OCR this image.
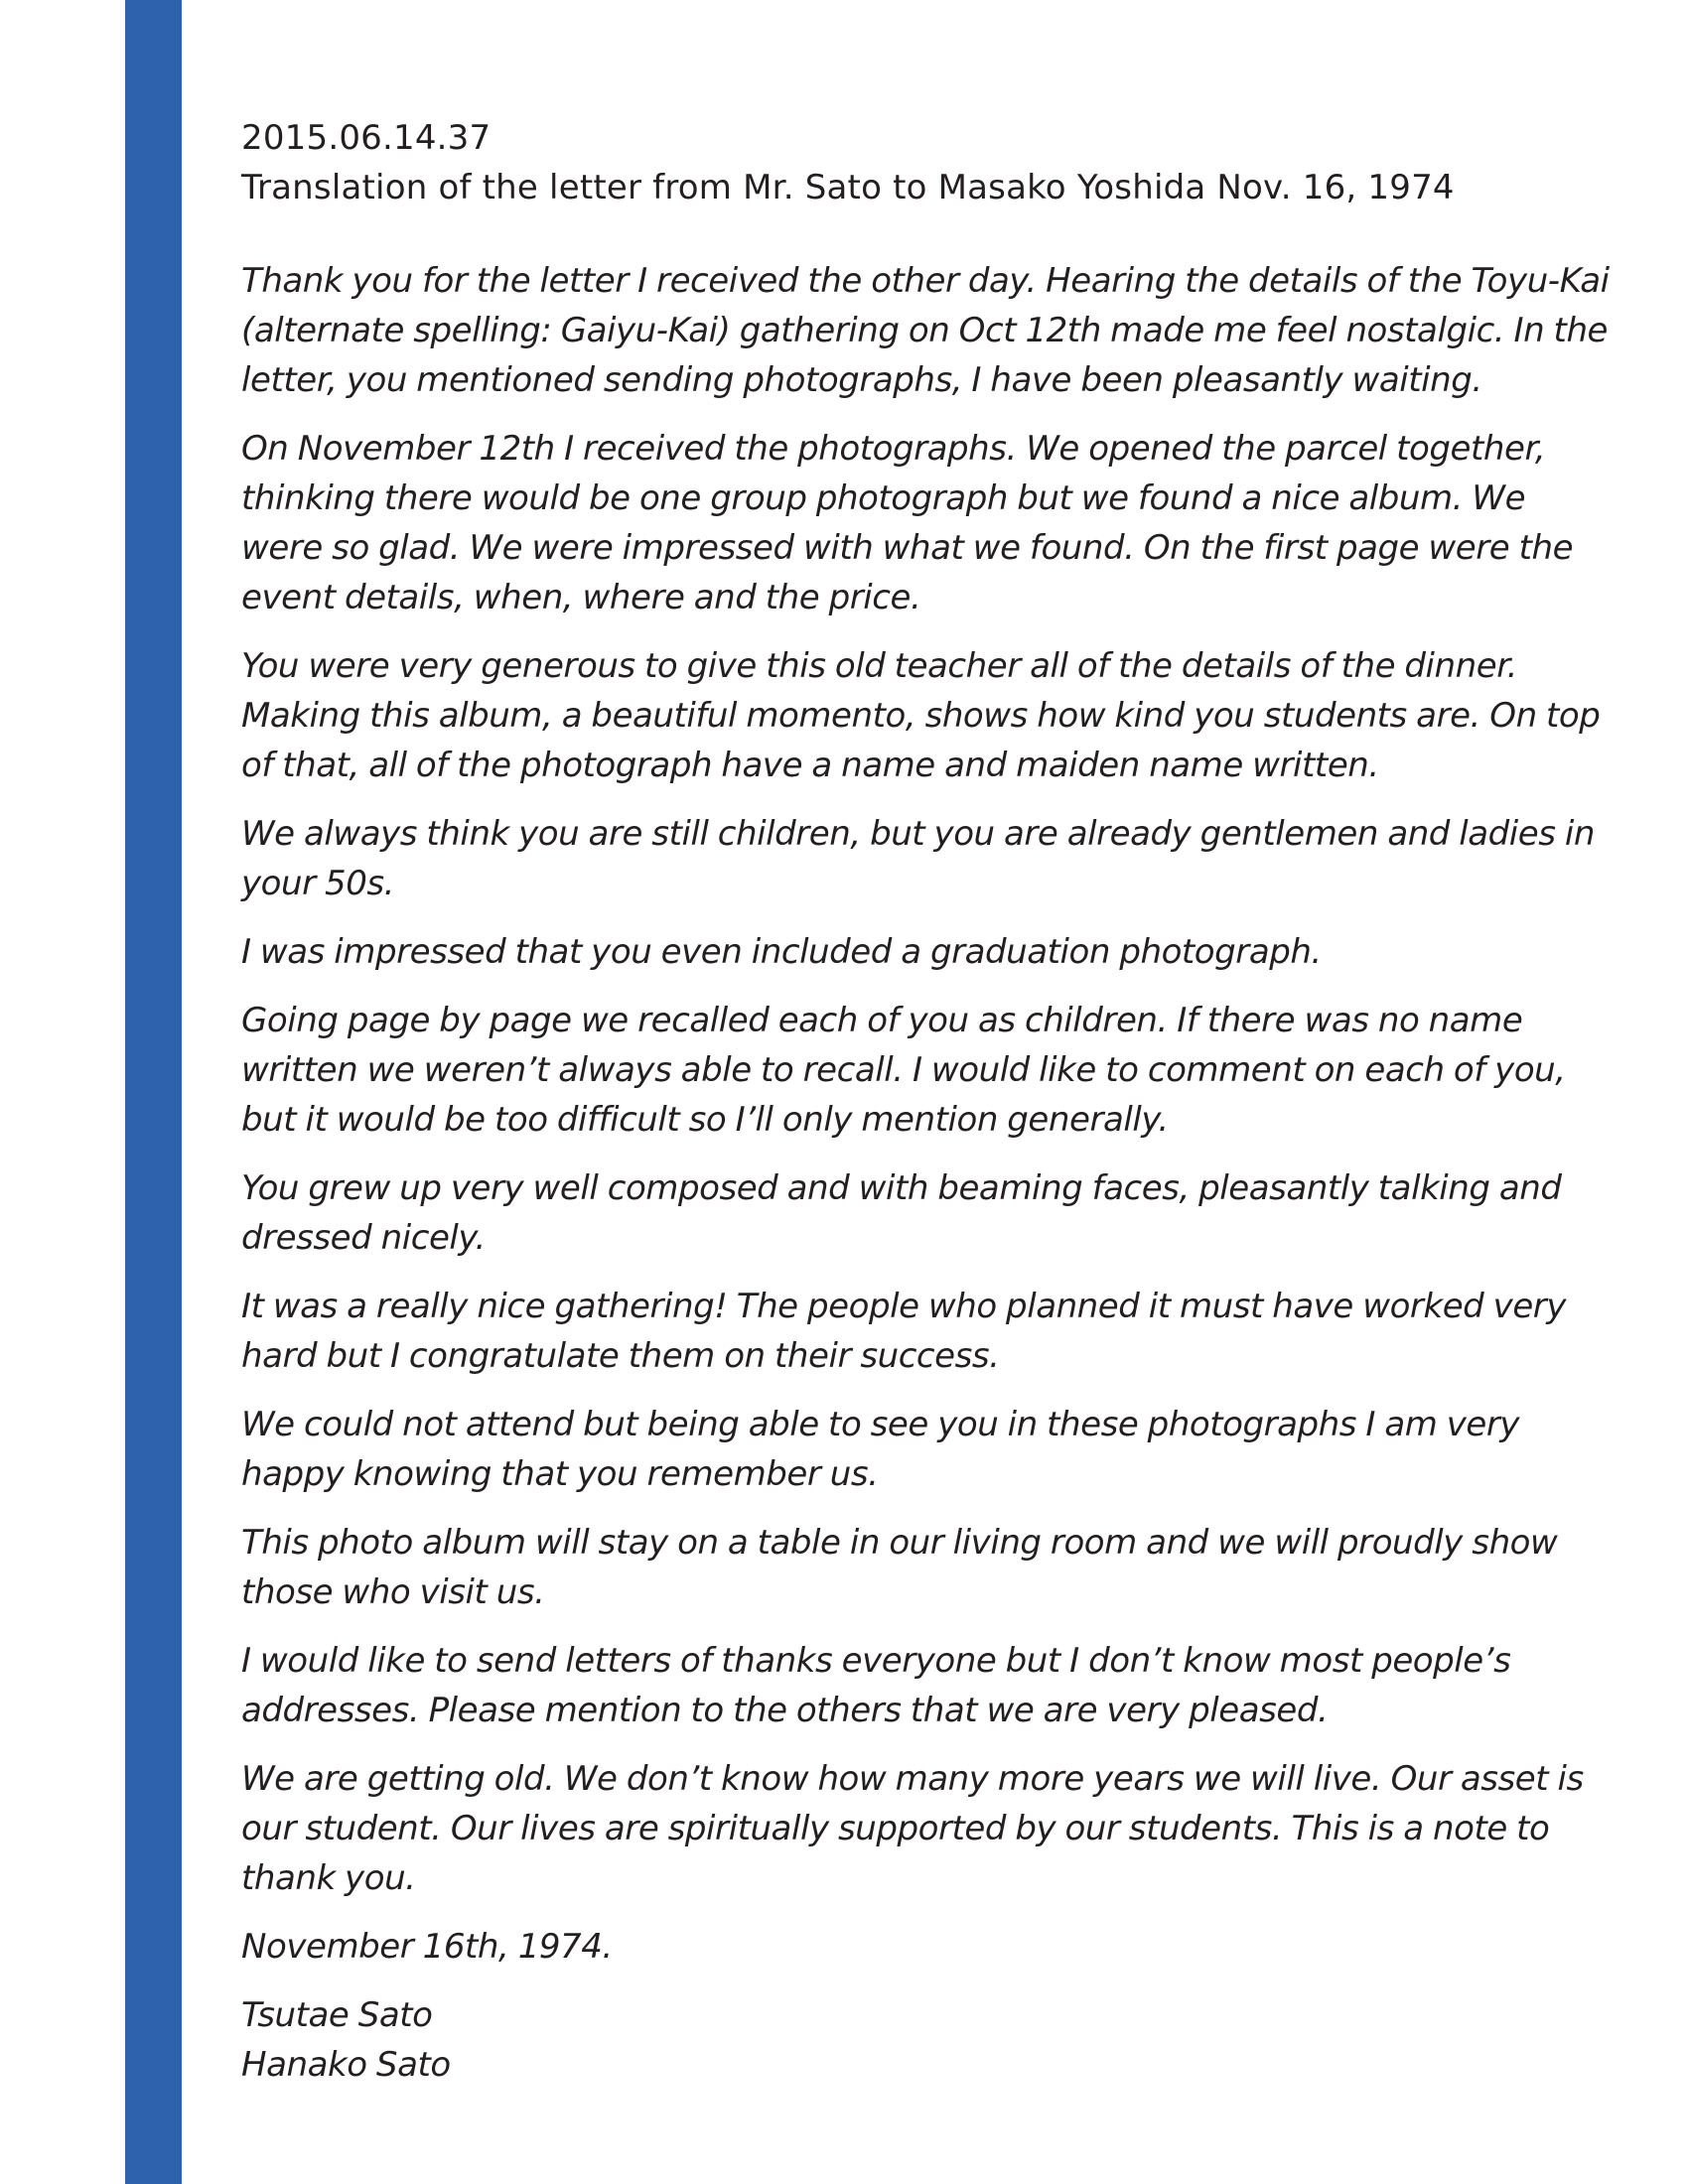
2015.06.14.37
Translation of the letter from Mr. Sato to Masako Yoshida Nov. 16, 1974

Thank you for the letter I received the other day. Hearing the details of the Toyu-Kai (alternate spelling: Gaiyu-Kai) gathering on Oct 12th made me feel nostalgic. In the letter, you mentioned sending photographs, I have been pleasantly waiting.

On November 12th I received the photographs. We opened the parcel together, thinking there would be one group photograph but we found a nice album. We were so glad. We were impressed with what we found. On the first page were the event details, when, where and the price.

You were very generous to give this old teacher all of the details of the dinner. Making this album, a beautiful momento, shows how kind you students are. On top of that, all of the photograph have a name and maiden name written.

We always think you are still children, but you are already gentlemen and ladies in your 50s.

I was impressed that you even included a graduation photograph.

Going page by page we recalled each of you as children. If there was no name written we weren’t always able to recall. I would like to comment on each of you, but it would be too difficult so I’ll only mention generally.

You grew up very well composed and with beaming faces, pleasantly talking and dressed nicely.

It was a really nice gathering! The people who planned it must have worked very hard but I congratulate them on their success.

We could not attend but being able to see you in these photographs I am very happy knowing that you remember us.

This photo album will stay on a table in our living room and we will proudly show those who visit us.

I would like to send letters of thanks everyone but I don’t know most people’s addresses. Please mention to the others that we are very pleased.

We are getting old. We don’t know how many more years we will live. Our asset is our student. Our lives are spiritually supported by our students. This is a note to thank you.

November 16th, 1974.

Tsutae Sato
Hanako Sato
